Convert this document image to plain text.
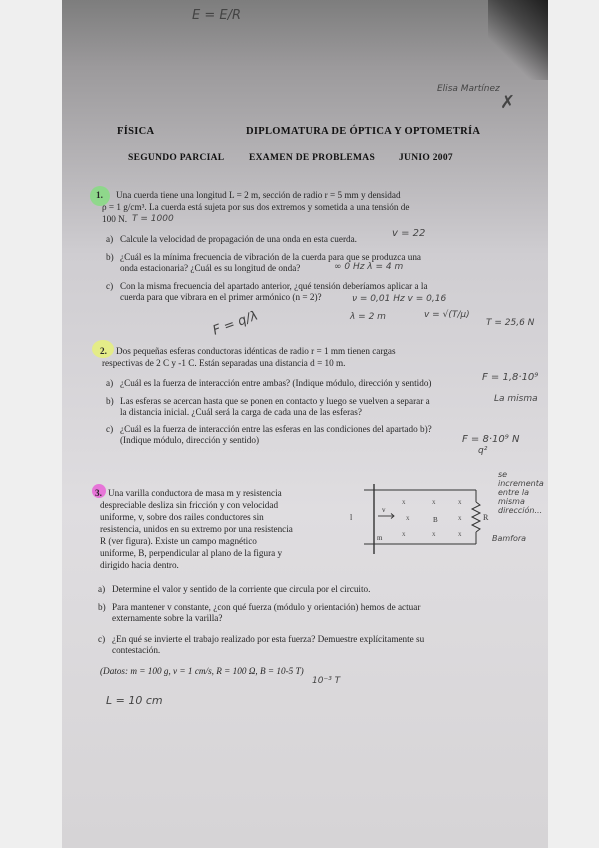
E = E/R
Elisa Martínez
✗
FÍSICA	DIPLOMATURA DE ÓPTICA Y OPTOMETRÍA
SEGUNDO PARCIAL	EXAMEN DE PROBLEMAS	JUNIO 2007
1. Una cuerda tiene una longitud L = 2 m, sección de radio r = 5 mm y densidad
ρ = 1 g/cm³. La cuerda está sujeta por sus dos extremos y sometida a una tensión de
100 N. T = 1000
a) Calcule la velocidad de propagación de una onda en esta cuerda.	v = 22
b) ¿Cuál es la mínima frecuencia de vibración de la cuerda para que se produzca una
onda estacionaria? ¿Cuál es su longitud de onda?	∞ 0 Hz λ = 4 m
c) Con la misma frecuencia del apartado anterior, ¿qué tensión deberíamos aplicar a la
cuerda para que vibrara en el primer armónico (n = 2)?	ν = 0,01 Hz v = 0,16
λ = 2 m	v = √(T/μ)
T = 25,6 N
F = q/λ
2. Dos pequeñas esferas conductoras idénticas de radio r = 1 mm tienen cargas
respectivas de 2 C y -1 C. Están separadas una distancia d = 10 m.
a) ¿Cuál es la fuerza de interacción entre ambas? (Indique módulo, dirección y sentido)	F = 1,8·10⁹
b) Las esferas se acercan hasta que se ponen en contacto y luego se vuelven a separar a
la distancia inicial. ¿Cuál será la carga de cada una de las esferas?
La misma
c) ¿Cuál es la fuerza de interacción entre las esferas en las condiciones del apartado b)?
(Indique módulo, dirección y sentido)	F = 8·10⁹ N
q²
3. Una varilla conductora de masa m y resistencia
despreciable desliza sin fricción y con velocidad
uniforme, v, sobre dos railes conductores sin
resistencia, unidos en su extremo por una resistencia
R (ver figura). Existe un campo magnético
uniforme, B, perpendicular al plano de la figura y
dirigido hacia dentro.
l
m
v
R
B
x	x	x
x	x
x	x	x
se incrementa entre la misma dirección...
Bamfora
a) Determine el valor y sentido de la corriente que circula por el circuito.
b) Para mantener v constante, ¿con qué fuerza (módulo y orientación) hemos de actuar
externamente sobre la varilla?
c) ¿En qué se invierte el trabajo realizado por esta fuerza? Demuestre explícitamente su
contestación.
(Datos: m = 100 g, v = 1 cm/s, R = 100 Ω, B = 10-5 T)
10⁻³ T
L = 10 cm
